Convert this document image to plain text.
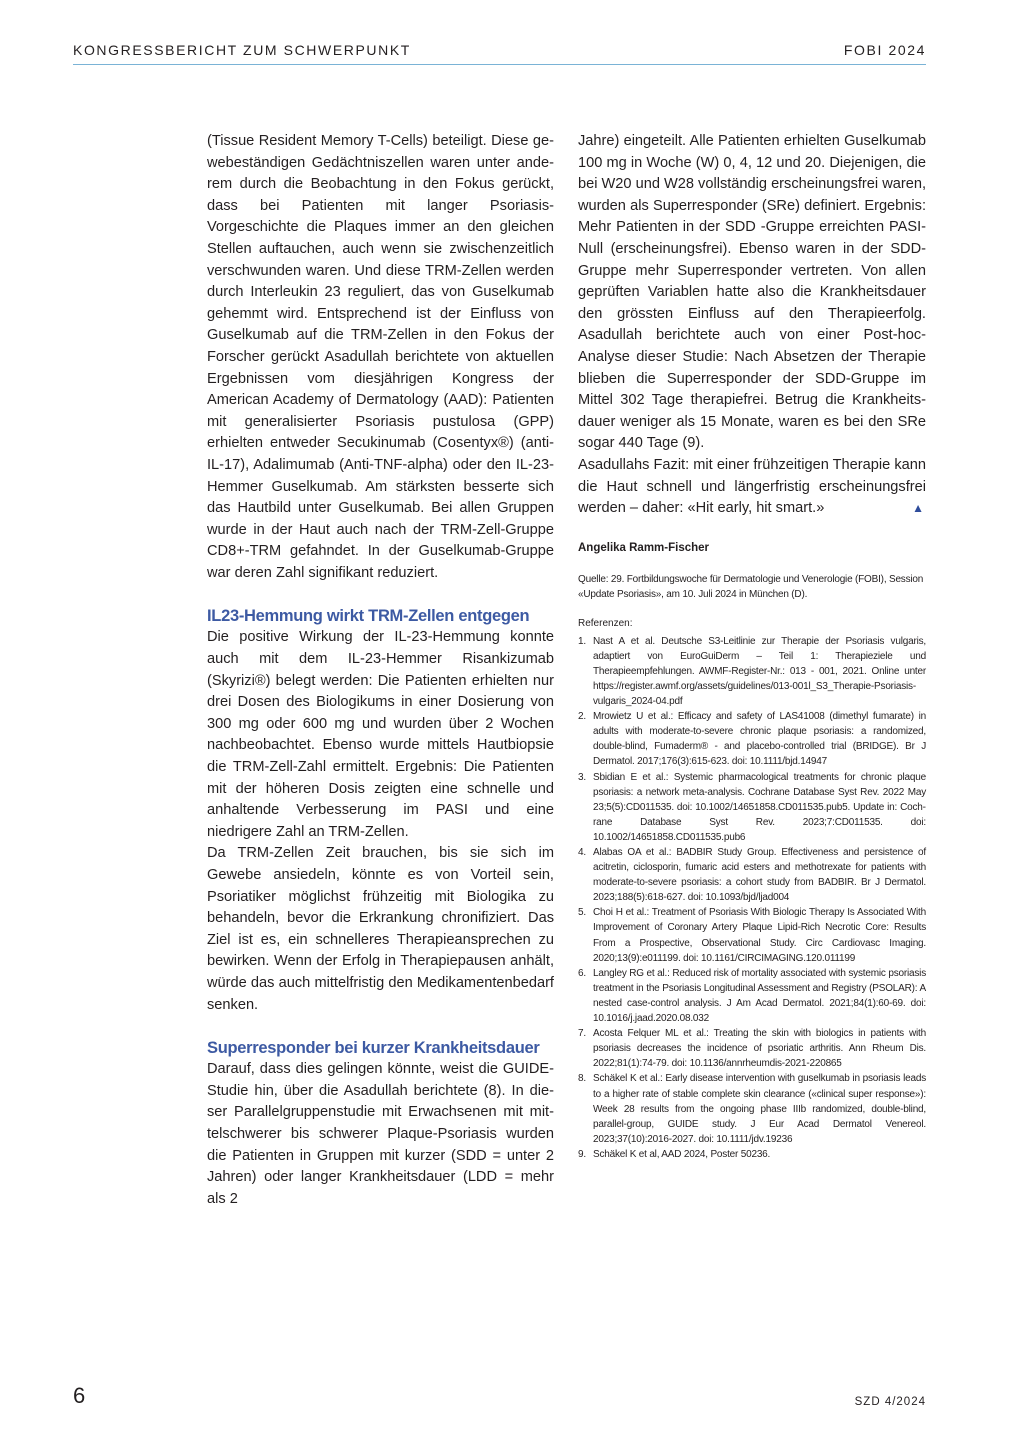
KONGRESSBERICHT ZUM SCHWERPUNKT	FOBI 2024

(Tissue Resident Memory T-Cells) beteiligt. Diese gewebeständigen Gedächtniszellen waren unter anderem durch die Beobachtung in den Fokus gerückt, dass bei Patienten mit langer Psoriasis-Vorgeschichte die Plaques immer an den gleichen Stellen auftauchen, auch wenn sie zwischenzeitlich verschwunden waren. Und diese TRM-Zellen werden durch Interleukin 23 reguliert, das von Guselkumab gehemmt wird. Entsprechend ist der Einfluss von Guselkumab auf die TRM-Zellen in den Fokus der Forscher gerückt Asadullah berichtete von aktuellen Ergebnissen vom diesjährigen Kongress der American Academy of Dermatology (AAD): Patienten mit generalisierter Psoriasis pustulosa (GPP) erhielten entweder Secukinumab (Cosentyx®) (anti-IL-17), Adalimumab (Anti-TNF-alpha) oder den IL-23-Hemmer Guselkumab. Am stärksten besserte sich das Hautbild unter Guselkumab. Bei allen Gruppen wurde in der Haut auch nach der TRM-Zell-Gruppe CD8+-TRM gefahndet. In der Guselkumab-Gruppe war deren Zahl signifikant reduziert.

IL23-Hemmung wirkt TRM-Zellen entgegen

Die positive Wirkung der IL-23-Hemmung konnte auch mit dem IL-23-Hemmer Risankizumab (Skyrizi®) belegt werden: Die Patienten erhielten nur drei Dosen des Biologikums in einer Dosierung von 300 mg oder 600 mg und wurden über 2 Wochen nachbeobachtet. Ebenso wurde mittels Hautbiopsie die TRM-Zell-Zahl ermittelt. Ergebnis: Die Patienten mit der höheren Dosis zeigten eine schnelle und anhaltende Verbesserung im PASI und eine niedrigere Zahl an TRM-Zellen.

Da TRM-Zellen Zeit brauchen, bis sie sich im Gewebe ansiedeln, könnte es von Vorteil sein, Psoriatiker möglichst frühzeitig mit Biologika zu behandeln, bevor die Erkrankung chronifiziert. Das Ziel ist es, ein schnelleres Therapieansprechen zu bewirken. Wenn der Erfolg in Therapiepausen anhält, würde das auch mittelfristig den Medikamentenbedarf senken.

Superresponder bei kurzer Krankheitsdauer

Darauf, dass dies gelingen könnte, weist die GUIDE-Studie hin, über die Asadullah berichtete (8). In dieser Parallelgruppenstudie mit Erwachsenen mit mittelschwerer bis schwerer Plaque-Psoriasis wurden die Patienten in Gruppen mit kurzer (SDD = unter 2 Jahren) oder langer Krankheitsdauer (LDD = mehr als 2

Jahre) eingeteilt. Alle Patienten erhielten Guselkumab 100 mg in Woche (W) 0, 4, 12 und 20. Diejenigen, die bei W20 und W28 vollständig erscheinungsfrei waren, wurden als Superresponder (SRe) definiert. Ergebnis: Mehr Patienten in der SDD -Gruppe erreichten PASI-Null (erscheinungsfrei). Ebenso waren in der SDD-Gruppe mehr Superresponder vertreten. Von allen geprüften Variablen hatte also die Krankheitsdauer den grössten Einfluss auf den Therapieerfolg. Asadullah berichtete auch von einer Post-hoc-Analyse dieser Studie: Nach Absetzen der Therapie blieben die Superresponder der SDD-Gruppe im Mittel 302 Tage therapiefrei. Betrug die Krankheitsdauer weniger als 15 Monate, waren es bei den SRe sogar 440 Tage (9).

Asadullahs Fazit: mit einer frühzeitigen Therapie kann die Haut schnell und längerfristig erscheinungsfrei werden – daher: «Hit early, hit smart.»	▲

Angelika Ramm-Fischer
Quelle: 29. Fortbildungswoche für Dermatologie und Venerologie (FOBI), Session «Update Psoriasis», am 10. Juli 2024 in München (D).
Referenzen:
1. Nast A et al. Deutsche S3-Leitlinie zur Therapie der Psoriasis vulgaris, adaptiert von EuroGuiDerm – Teil 1: Therapieziele und Therapieempfehlungen. AWMF-Register-Nr.: 013 - 001, 2021. Online unter https://register.awmf.org/assets/guidelines/013-001l_S3_Therapie-Psoriasis-vulgaris_2024-04.pdf
2. Mrowietz U et al.: Efficacy and safety of LAS41008 (dimethyl fumarate) in adults with moderate-to-severe chronic plaque psoriasis: a randomized, double-blind, Fumaderm® - and placebo-controlled trial (BRIDGE). Br J Dermatol. 2017;176(3):615-623. doi: 10.1111/bjd.14947
3. Sbidian E et al.: Systemic pharmacological treatments for chronic plaque psoriasis: a network meta-analysis. Cochrane Database Syst Rev. 2022 May 23;5(5):CD011535. doi: 10.1002/14651858.CD011535.pub5. Update in: Cochrane Database Syst Rev. 2023;7:CD011535. doi: 10.1002/14651858.CD011535.pub6
4. Alabas OA et al.: BADBIR Study Group. Effectiveness and persistence of acitretin, ciclosporin, fumaric acid esters and methotrexate for patients with moderate-to-severe psoriasis: a cohort study from BADBIR. Br J Dermatol. 2023;188(5):618-627. doi: 10.1093/bjd/ljad004
5. Choi H et al.: Treatment of Psoriasis With Biologic Therapy Is Associated With Improvement of Coronary Artery Plaque Lipid-Rich Necrotic Core: Results From a Prospective, Observational Study. Circ Cardiovasc Imaging. 2020;13(9):e011199. doi: 10.1161/CIRCIMAGING.120.011199
6. Langley RG et al.: Reduced risk of mortality associated with systemic psoriasis treatment in the Psoriasis Longitudinal Assessment and Registry (PSOLAR): A nested case-control analysis. J Am Acad Dermatol. 2021;84(1):60-69. doi: 10.1016/j.jaad.2020.08.032
7. Acosta Felquer ML et al.: Treating the skin with biologics in patients with psoriasis decreases the incidence of psoriatic arthritis. Ann Rheum Dis. 2022;81(1):74-79. doi: 10.1136/annrheumdis-2021-220865
8. Schäkel K et al.: Early disease intervention with guselkumab in psoriasis leads to a higher rate of stable complete skin clearance («clinical super response»): Week 28 results from the ongoing phase IIIb randomized, double-blind, parallel-group, GUIDE study. J Eur Acad Dermatol Venereol. 2023;37(10):2016-2027. doi: 10.1111/jdv.19236
9. Schäkel K et al, AAD 2024, Poster 50236.
6	SZD 4/2024
